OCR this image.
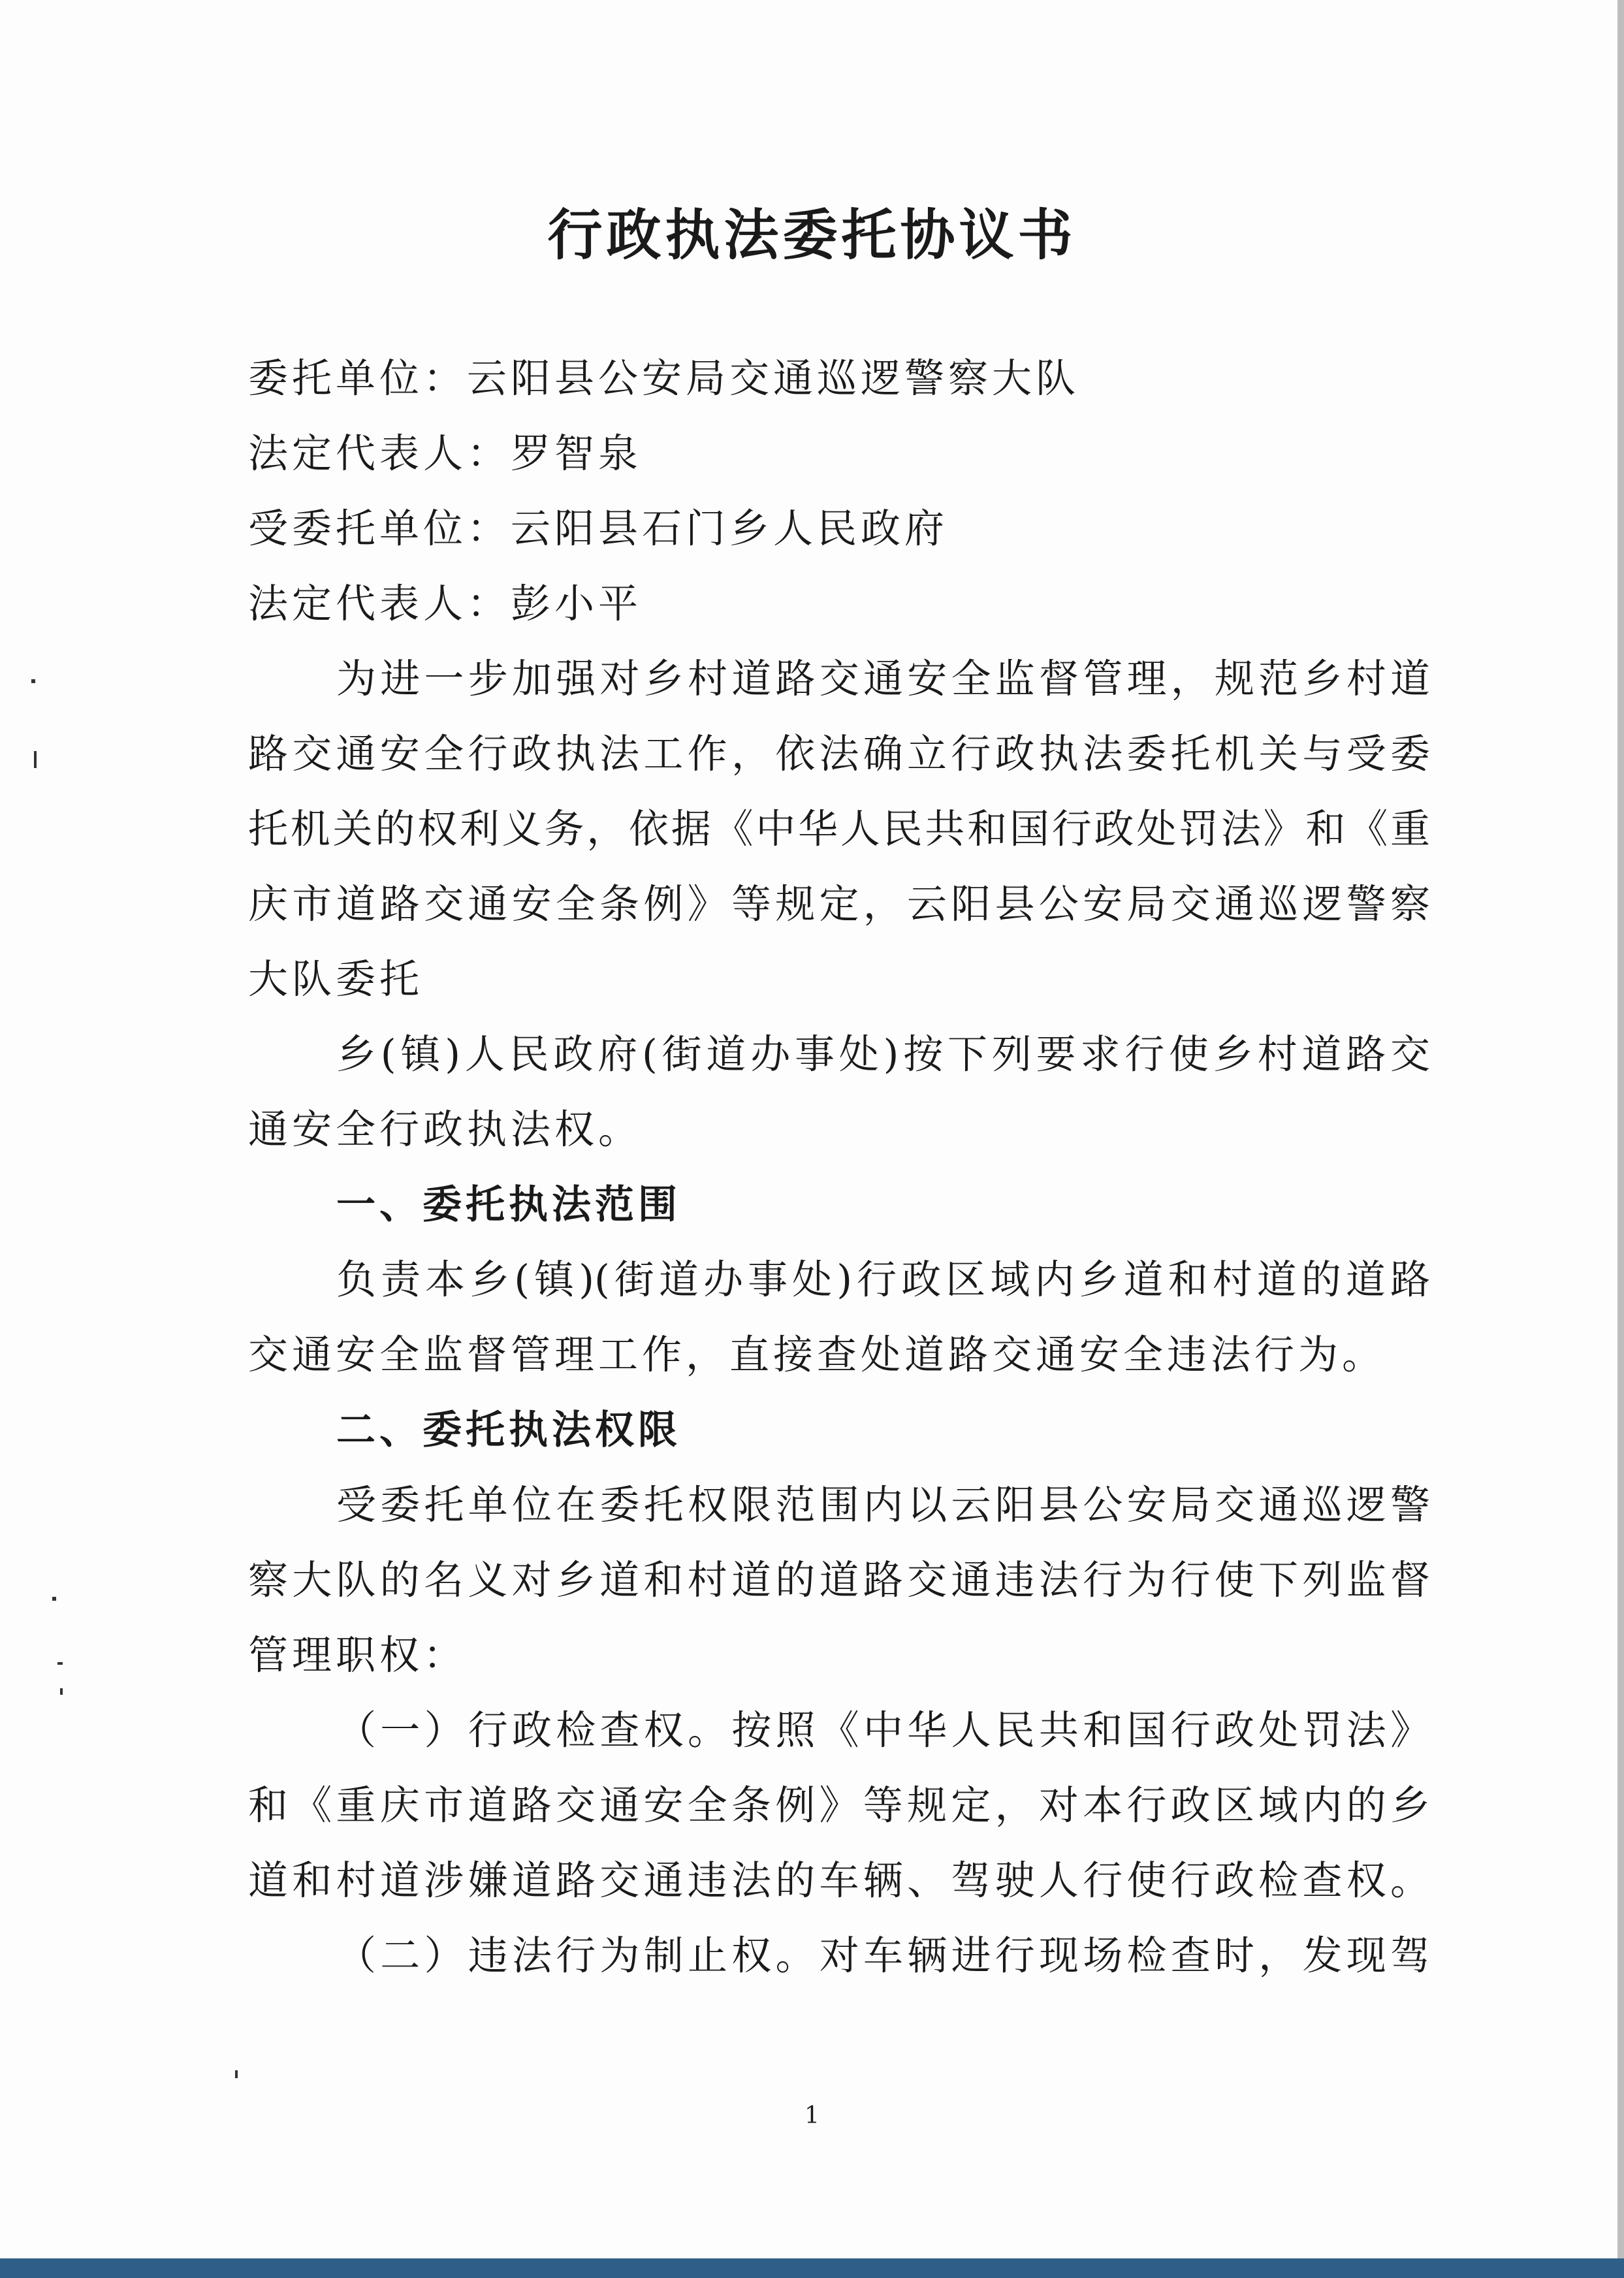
行政执法委托协议书
委托单位：云阳县公安局交通巡逻警察大队
法定代表人：罗智泉
受委托单位：云阳县石门乡人民政府
法定代表人：彭小平
为进一步加强对乡村道路交通安全监督管理，规范乡村道
路交通安全行政执法工作，依法确立行政执法委托机关与受委
托机关的权利义务，依据《中华人民共和国行政处罚法》和《重
庆市道路交通安全条例》等规定，云阳县公安局交通巡逻警察
大队委托
乡(镇)人民政府(街道办事处)按下列要求行使乡村道路交
通安全行政执法权。
一、委托执法范围
负责本乡(镇)(街道办事处)行政区域内乡道和村道的道路
交通安全监督管理工作，直接查处道路交通安全违法行为。
二、委托执法权限
受委托单位在委托权限范围内以云阳县公安局交通巡逻警
察大队的名义对乡道和村道的道路交通违法行为行使下列监督
管理职权：
（一）行政检查权。按照《中华人民共和国行政处罚法》
和《重庆市道路交通安全条例》等规定，对本行政区域内的乡
道和村道涉嫌道路交通违法的车辆、驾驶人行使行政检查权。
（二）违法行为制止权。对车辆进行现场检查时，发现驾
1
